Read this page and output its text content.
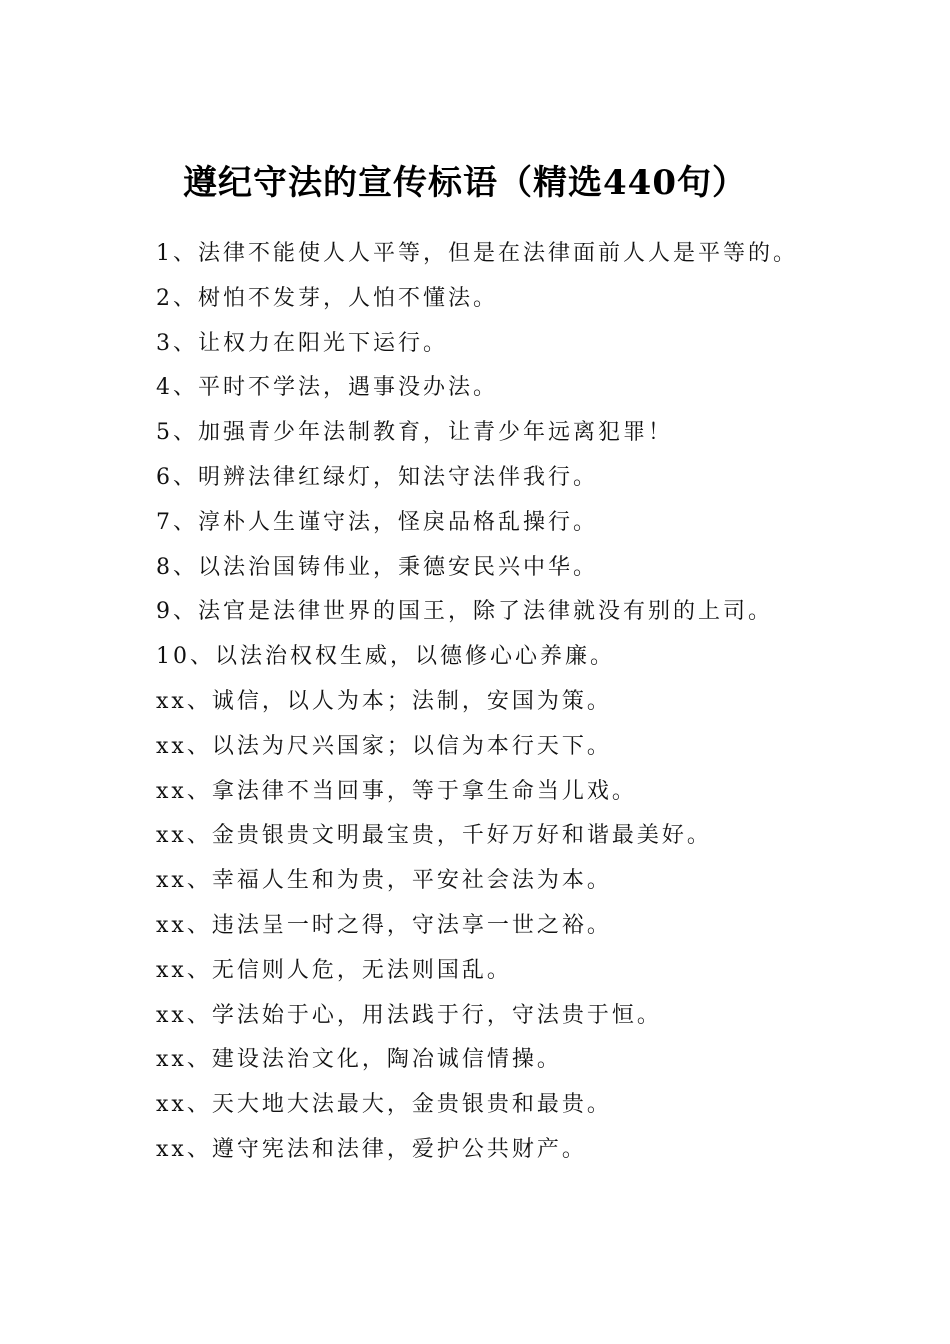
遵纪守法的宣传标语（精选440句）
1、法律不能使人人平等，但是在法律面前人人是平等的。
2、树怕不发芽，人怕不懂法。
3、让权力在阳光下运行。
4、平时不学法，遇事没办法。
5、加强青少年法制教育，让青少年远离犯罪！
6、明辨法律红绿灯，知法守法伴我行。
7、淳朴人生谨守法，怪戾品格乱操行。
8、以法治国铸伟业，秉德安民兴中华。
9、法官是法律世界的国王，除了法律就没有别的上司。
10、以法治权权生威，以德修心心养廉。
xx、诚信，以人为本；法制，安国为策。
xx、以法为尺兴国家；以信为本行天下。
xx、拿法律不当回事，等于拿生命当儿戏。
xx、金贵银贵文明最宝贵，千好万好和谐最美好。
xx、幸福人生和为贵，平安社会法为本。
xx、违法呈一时之得，守法享一世之裕。
xx、无信则人危，无法则国乱。
xx、学法始于心，用法践于行，守法贵于恒。
xx、建设法治文化，陶冶诚信情操。
xx、天大地大法最大，金贵银贵和最贵。
xx、遵守宪法和法律，爱护公共财产。
